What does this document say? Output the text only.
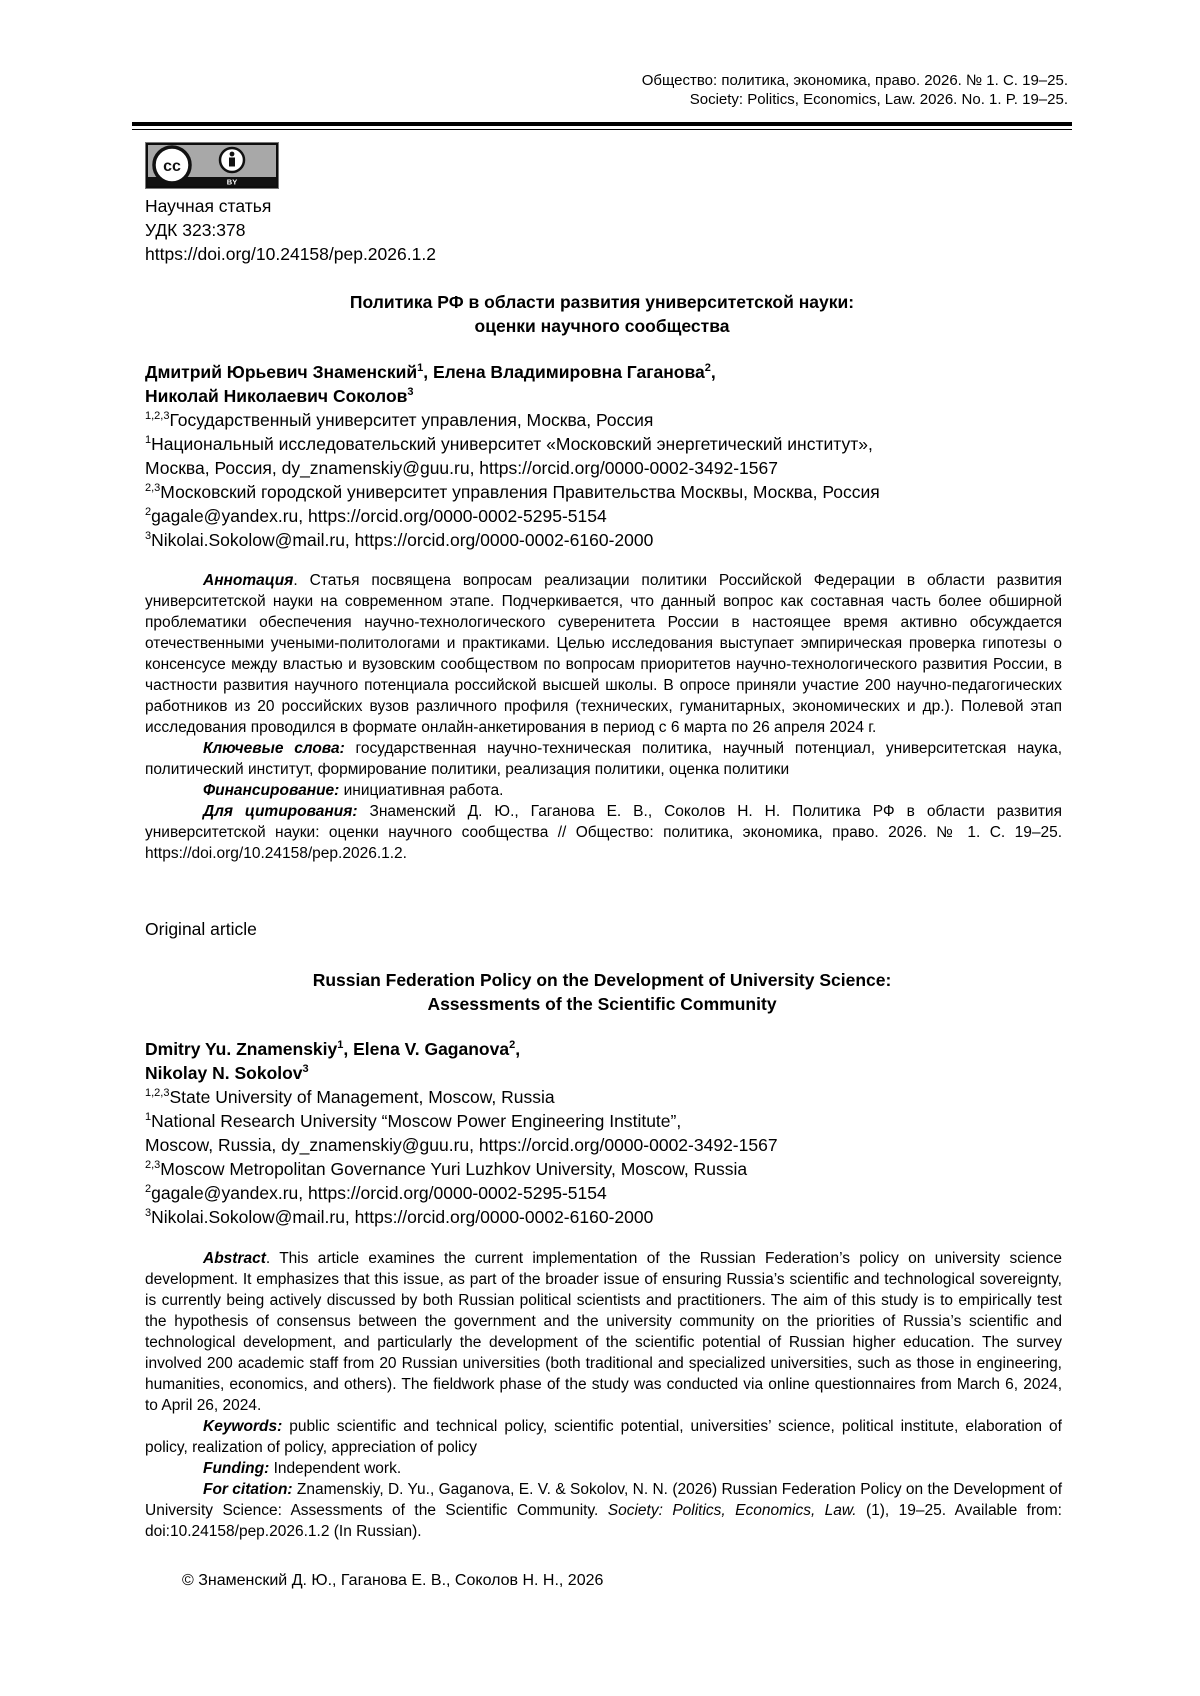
Общество: политика, экономика, право. 2026. № 1. С. 19–25.
Society: Politics, Economics, Law. 2026. No. 1. P. 19–25.
cc
BY
Научная статья
УДК 323:378
https://doi.org/10.24158/pep.2026.1.2
Политика РФ в области развития университетской науки:
оценки научного сообщества
Дмитрий Юрьевич Знаменский$^1$, Елена Владимировна Гаганова$^2$,
Николай Николаевич Соколов$^3$
$^{1,2,3}$Государственный университет управления, Москва, Россия
$^1$Национальный исследовательский университет «Московский энергетический институт»,
Москва, Россия, dy_znamenskiy@guu.ru, https://orcid.org/0000-0002-3492-1567
$^{2,3}$Московский городской университет управления Правительства Москвы, Москва, Россия
$^2$gagale@yandex.ru, https://orcid.org/0000-0002-5295-5154
$^3$Nikolai.Sokolow@mail.ru, https://orcid.org/0000-0002-6160-2000

Аннотация. Статья посвящена вопросам реализации политики Российской Федерации в области развития университетской науки на современном этапе. Подчеркивается, что данный вопрос как составная часть более обширной проблематики обеспечения научно-технологического суверенитета России в настоящее время активно обсуждается отечественными учеными-политологами и практиками. Целью исследования выступает эмпирическая проверка гипотезы о консенсусе между властью и вузовским сообществом по вопросам приоритетов научно-технологического развития России, в частности развития научного потенциала российской высшей школы. В опросе приняли участие 200 научно-педагогических работников из 20 российских вузов различного профиля (технических, гуманитарных, экономических и др.). Полевой этап исследования проводился в формате онлайн-анкетирования в период с 6 марта по 26 апреля 2024 г.

Ключевые слова: государственная научно-техническая политика, научный потенциал, университетская наука, политический институт, формирование политики, реализация политики, оценка политики

Финансирование: инициативная работа.

Для цитирования: Знаменский Д. Ю., Гаганова Е. В., Соколов Н. Н. Политика РФ в области развития университетской науки: оценки научного сообщества // Общество: политика, экономика, право. 2026. № 1. С. 19–25. https://doi.org/10.24158/pep.2026.1.2.

Original article
Russian Federation Policy on the Development of University Science:
Assessments of the Scientific Community
Dmitry Yu. Znamenskiy$^1$, Elena V. Gaganova$^2$,
Nikolay N. Sokolov$^3$
$^{1,2,3}$State University of Management, Moscow, Russia
$^1$National Research University “Moscow Power Engineering Institute”,
Moscow, Russia, dy_znamenskiy@guu.ru, https://orcid.org/0000-0002-3492-1567
$^{2,3}$Moscow Metropolitan Governance Yuri Luzhkov University, Moscow, Russia
$^2$gagale@yandex.ru, https://orcid.org/0000-0002-5295-5154
$^3$Nikolai.Sokolow@mail.ru, https://orcid.org/0000-0002-6160-2000

Abstract. This article examines the current implementation of the Russian Federation’s policy on university science development. It emphasizes that this issue, as part of the broader issue of ensuring Russia’s scientific and technological sovereignty, is currently being actively discussed by both Russian political scientists and practitioners. The aim of this study is to empirically test the hypothesis of consensus between the government and the university community on the priorities of Russia’s scientific and technological development, and particularly the development of the scientific potential of Russian higher education. The survey involved 200 academic staff from 20 Russian universities (both traditional and specialized universities, such as those in engineering, humanities, economics, and others). The fieldwork phase of the study was conducted via online questionnaires from March 6, 2024, to April 26, 2024.

Keywords: public scientific and technical policy, scientific potential, universities’ science, political institute, elaboration of policy, realization of policy, appreciation of policy

Funding: Independent work.

For citation: Znamenskiy, D. Yu., Gaganova, E. V. & Sokolov, N. N. (2026) Russian Federation Policy on the Development of University Science: Assessments of the Scientific Community. Society: Politics, Economics, Law. (1), 19–25. Available from: doi:10.24158/pep.2026.1.2 (In Russian).

© Знаменский Д. Ю., Гаганова Е. В., Соколов Н. Н., 2026
